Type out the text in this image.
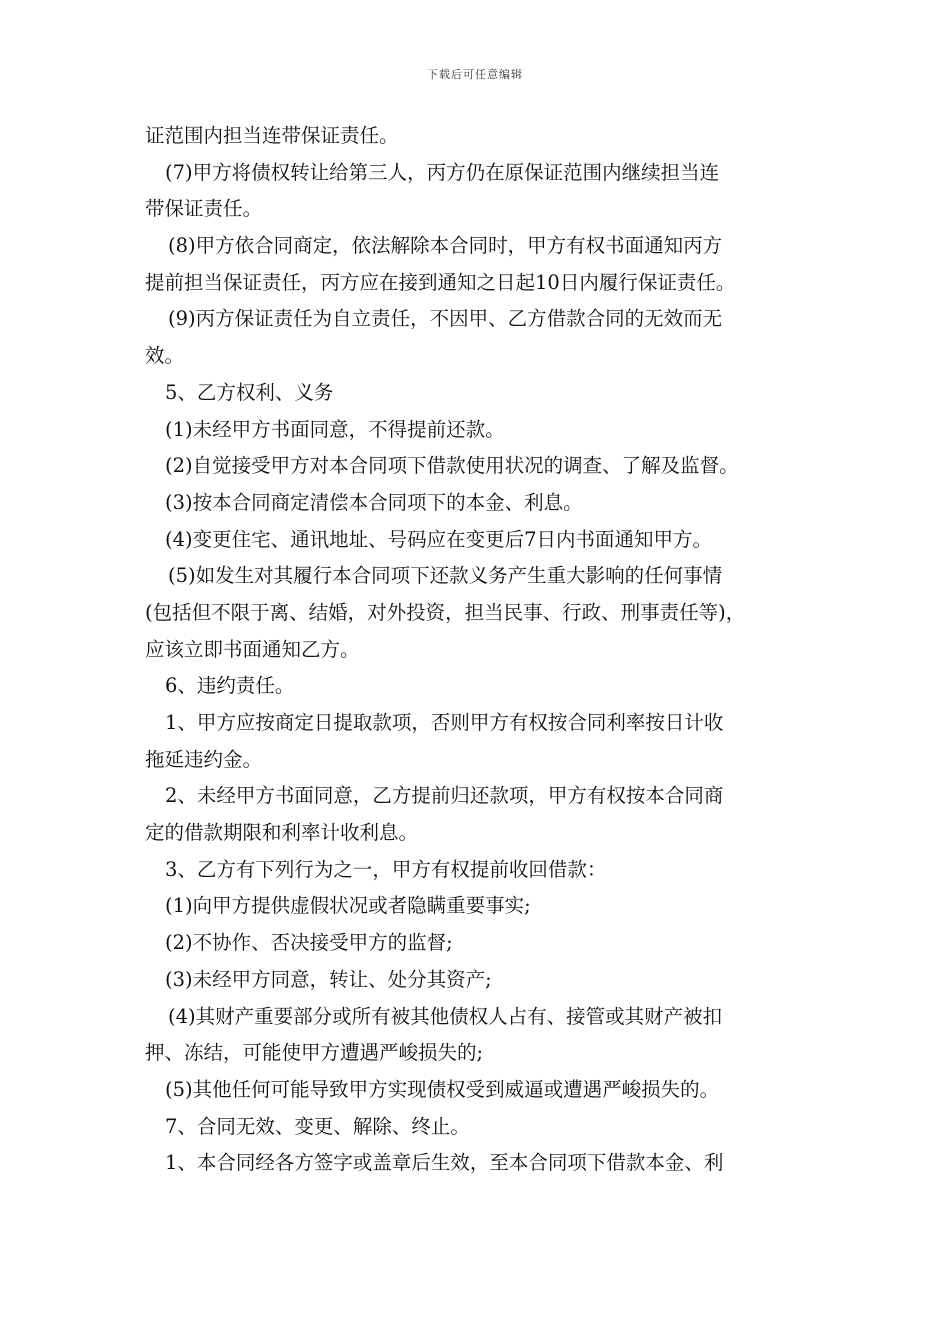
下载后可任意编辑
证范围内担当连带保证责任。
(7)甲方将债权转让给第三人，丙方仍在原保证范围内继续担当连
带保证责任。
(8)甲方依合同商定，依法解除本合同时，甲方有权书面通知丙方
提前担当保证责任，丙方应在接到通知之日起10日内履行保证责任。
(9)丙方保证责任为自立责任，不因甲、乙方借款合同的无效而无
效。
5、乙方权利、义务
(1)未经甲方书面同意，不得提前还款。
(2)自觉接受甲方对本合同项下借款使用状况的调查、了解及监督。
(3)按本合同商定清偿本合同项下的本金、利息。
(4)变更住宅、通讯地址、号码应在变更后7日内书面通知甲方。
(5)如发生对其履行本合同项下还款义务产生重大影响的任何事情
(包括但不限于离、结婚，对外投资，担当民事、行政、刑事责任等)，
应该立即书面通知乙方。
6、违约责任。
1、甲方应按商定日提取款项，否则甲方有权按合同利率按日计收
拖延违约金。
2、未经甲方书面同意，乙方提前归还款项，甲方有权按本合同商
定的借款期限和利率计收利息。
3、乙方有下列行为之一，甲方有权提前收回借款：
(1)向甲方提供虚假状况或者隐瞒重要事实;
(2)不协作、否决接受甲方的监督;
(3)未经甲方同意，转让、处分其资产;
(4)其财产重要部分或所有被其他债权人占有、接管或其财产被扣
押、冻结，可能使甲方遭遇严峻损失的;
(5)其他任何可能导致甲方实现债权受到威逼或遭遇严峻损失的。
7、合同无效、变更、解除、终止。
1、本合同经各方签字或盖章后生效，至本合同项下借款本金、利
